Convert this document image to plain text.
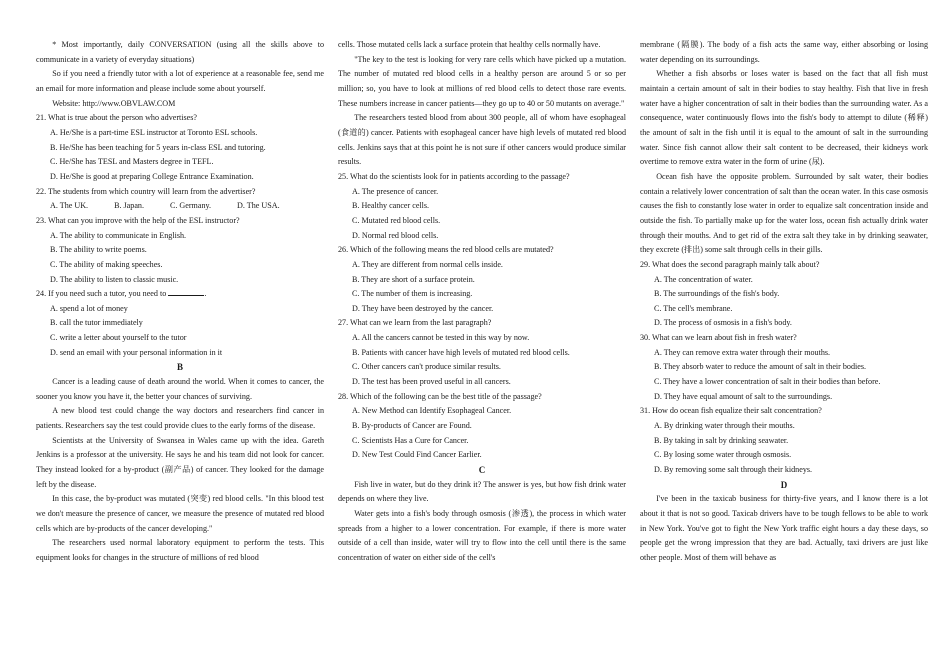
* Most importantly, daily CONVERSATION (using all the skills above to communicate in a variety of everyday situations)

So if you need a friendly tutor with a lot of experience at a reasonable fee, send me an email for more information and please include some about yourself.

Website: http://www.OBVLAW.COM

21. What is true about the person who advertises?

A. He/She is a part-time ESL instructor at Toronto ESL schools.

B. He/She has been teaching for 5 years in-class ESL and tutoring.

C. He/She has TESL and Masters degree in TEFL.

D. He/She is good at preparing College Entrance Examination.

22. The students from which country will learn from the advertiser?

A. The UK.	B. Japan.	C. Germany.	D. The USA.

23. What can you improve with the help of the ESL instructor?

A. The ability to communicate in English.

B. The ability to write poems.

C. The ability of making speeches.

D. The ability to listen to classic music.

24. If you need such a tutor, you need to	.

A. spend a lot of money

B. call the tutor immediately

C. write a letter about yourself to the tutor

D. send an email with your personal information in it

B

Cancer is a leading cause of death around the world. When it comes to cancer, the sooner you know you have it, the better your chances of surviving.

A new blood test could change the way doctors and researchers find cancer in patients. Researchers say the test could provide clues to the early forms of the disease.

Scientists at the University of Swansea in Wales came up with the idea. Gareth Jenkins is a professor at the university. He says he and his team did not look for cancer. They instead looked for a by-product (副产品) of cancer. They looked for the damage left by the disease.

In this case, the by-product was mutated (突变) red blood cells. "In this blood test we don't measure the presence of cancer, we measure the presence of mutated red blood cells which are by-products of the cancer developing."

The researchers used normal laboratory equipment to perform the tests. This equipment looks for changes in the structure of millions of red blood

cells. Those mutated cells lack a surface protein that healthy cells normally have.

"The key to the test is looking for very rare cells which have picked up a mutation. The number of mutated red blood cells in a healthy person are around 5 or so per million; so, you have to look at millions of red blood cells to detect those rare events. These numbers increase in cancer patients—they go up to 40 or 50 mutants on average."

The researchers tested blood from about 300 people, all of whom have esophageal (食道的) cancer. Patients with esophageal cancer have high levels of mutated red blood cells. Jenkins says that at this point he is not sure if other cancers would produce similar results.

25. What do the scientists look for in patients according to the passage?

A. The presence of cancer.

B. Healthy cancer cells.

C. Mutated red blood cells.

D. Normal red blood cells.

26. Which of the following means the red blood cells are mutated?

A. They are different from normal cells inside.

B. They are short of a surface protein.

C. The number of them is increasing.

D. They have been destroyed by the cancer.

27. What can we learn from the last paragraph?

A. All the cancers cannot be tested in this way by now.

B. Patients with cancer have high levels of mutated red blood cells.

C. Other cancers can't produce similar results.

D. The test has been proved useful in all cancers.

28. Which of the following can be the best title of the passage?

A. New Method can Identify Esophageal Cancer.

B. By-products of Cancer are Found.

C. Scientists Has a Cure for Cancer.

D. New Test Could Find Cancer Earlier.

C

Fish live in water, but do they drink it? The answer is yes, but how fish drink water depends on where they live.

Water gets into a fish's body through osmosis (渗透), the process in which water spreads from a higher to a lower concentration. For example, if there is more water outside of a cell than inside, water will try to flow into the cell until there is the same concentration of water on either side of the cell's

membrane (隔膜). The body of a fish acts the same way, either absorbing or losing water depending on its surroundings.

Whether a fish absorbs or loses water is based on the fact that all fish must maintain a certain amount of salt in their bodies to stay healthy. Fish that live in fresh water have a higher concentration of salt in their bodies than the surrounding water. As a consequence, water continuously flows into the fish's body to attempt to dilute (稀释) the amount of salt in the fish until it is equal to the amount of salt in the surrounding water. Since fish cannot allow their salt content to be decreased, their kidneys work overtime to remove extra water in the form of urine (尿).

Ocean fish have the opposite problem. Surrounded by salt water, their bodies contain a relatively lower concentration of salt than the ocean water. In this case osmosis causes the fish to constantly lose water in order to equalize salt concentration inside and outside the fish. To partially make up for the water loss, ocean fish actually drink water through their mouths. And to get rid of the extra salt they take in by drinking seawater, they excrete (排出) some salt through cells in their gills.

29. What does the second paragraph mainly talk about?

A. The concentration of water.

B. The surroundings of the fish's body.

C. The cell's membrane.

D. The process of osmosis in a fish's body.

30. What can we learn about fish in fresh water?

A. They can remove extra water through their mouths.

B. They absorb water to reduce the amount of salt in their bodies.

C. They have a lower concentration of salt in their bodies than before.

D. They have equal amount of salt to the surroundings.

31. How do ocean fish equalize their salt concentration?

A. By drinking water through their mouths.

B. By taking in salt by drinking seawater.

C. By losing some water through osmosis.

D. By removing some salt through their kidneys.

D

I've been in the taxicab business for thirty-five years, and I know there is a lot about it that is not so good. Taxicab drivers have to be tough fellows to be able to work in New York. You've got to fight the New York traffic eight hours a day these days, so people get the wrong impression that they are bad. Actually, taxi drivers are just like other people. Most of them will behave as
